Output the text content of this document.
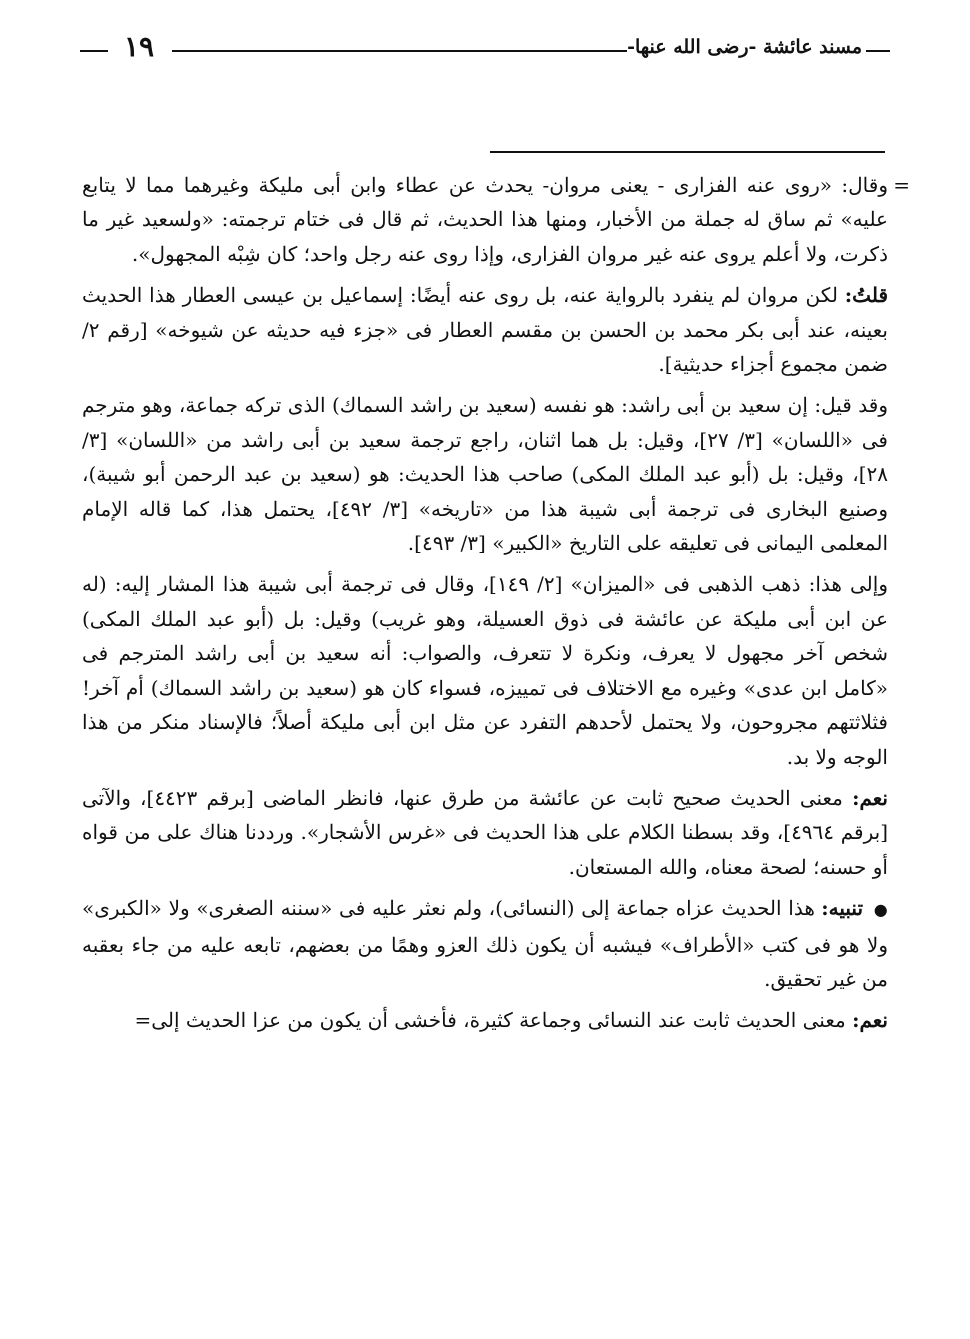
١٩	مسند عائشة -رضى الله عنها-

=
وقال: «روى عنه الفزارى - يعنى مروان- يحدث عن عطاء وابن أبى مليكة وغيرهما مما لا يتابع عليه» ثم ساق له جملة من الأخبار، ومنها هذا الحديث، ثم قال فى ختام ترجمته: «ولسعيد غير ما ذكرت، ولا أعلم يروى عنه غير مروان الفزارى، وإذا روى عنه رجل واحد؛ كان شِبْه المجهول».

قلتُ: لكن مروان لم ينفرد بالرواية عنه، بل روى عنه أيضًا: إسماعيل بن عيسى العطار هذا الحديث بعينه، عند أبى بكر محمد بن الحسن بن مقسم العطار فى «جزء فيه حديثه عن شيوخه» [رقم ٢/ ضمن مجموع أجزاء حديثية].

وقد قيل: إن سعيد بن أبى راشد: هو نفسه (سعيد بن راشد السماك) الذى تركه جماعة، وهو مترجم فى «اللسان» [٣/ ٢٧]، وقيل: بل هما اثنان، راجع ترجمة سعيد بن أبى راشد من «اللسان» [٣/ ٢٨]، وقيل: بل (أبو عبد الملك المكى) صاحب هذا الحديث: هو (سعيد بن عبد الرحمن أبو شيبة)، وصنيع البخارى فى ترجمة أبى شيبة هذا من «تاريخه» [٣/ ٤٩٢]، يحتمل هذا، كما قاله الإمام المعلمى اليمانى فى تعليقه على التاريخ «الكبير» [٣/ ٤٩٣].

وإلى هذا: ذهب الذهبى فى «الميزان» [٢/ ١٤٩]، وقال فى ترجمة أبى شيبة هذا المشار إليه: (له عن ابن أبى مليكة عن عائشة فى ذوق العسيلة، وهو غريب) وقيل: بل (أبو عبد الملك المكى) شخص آخر مجهول لا يعرف، ونكرة لا تتعرف، والصواب: أنه سعيد بن أبى راشد المترجم فى «كامل ابن عدى» وغيره مع الاختلاف فى تمييزه، فسواء كان هو (سعيد بن راشد السماك) أم آخر! فثلاثتهم مجروحون، ولا يحتمل لأحدهم التفرد عن مثل ابن أبى مليكة أصلاً؛ فالإسناد منكر من هذا الوجه ولا بد.

نعم: معنى الحديث صحيح ثابت عن عائشة من طرق عنها، فانظر الماضى [برقم ٤٤٢٣]، والآتى [برقم ٤٩٦٤]، وقد بسطنا الكلام على هذا الحديث فى «غرس الأشجار». ورددنا هناك على من قواه أو حسنه؛ لصحة معناه، والله المستعان.

● تنبيه: هذا الحديث عزاه جماعة إلى (النسائى)، ولم نعثر عليه فى «سننه الصغرى» ولا «الكبرى» ولا هو فى كتب «الأطراف» فيشبه أن يكون ذلك العزو وهمًا من بعضهم، تابعه عليه من جاء بعقبه من غير تحقيق.

نعم: معنى الحديث ثابت عند النسائى وجماعة كثيرة، فأخشى أن يكون من عزا الحديث إلى=
